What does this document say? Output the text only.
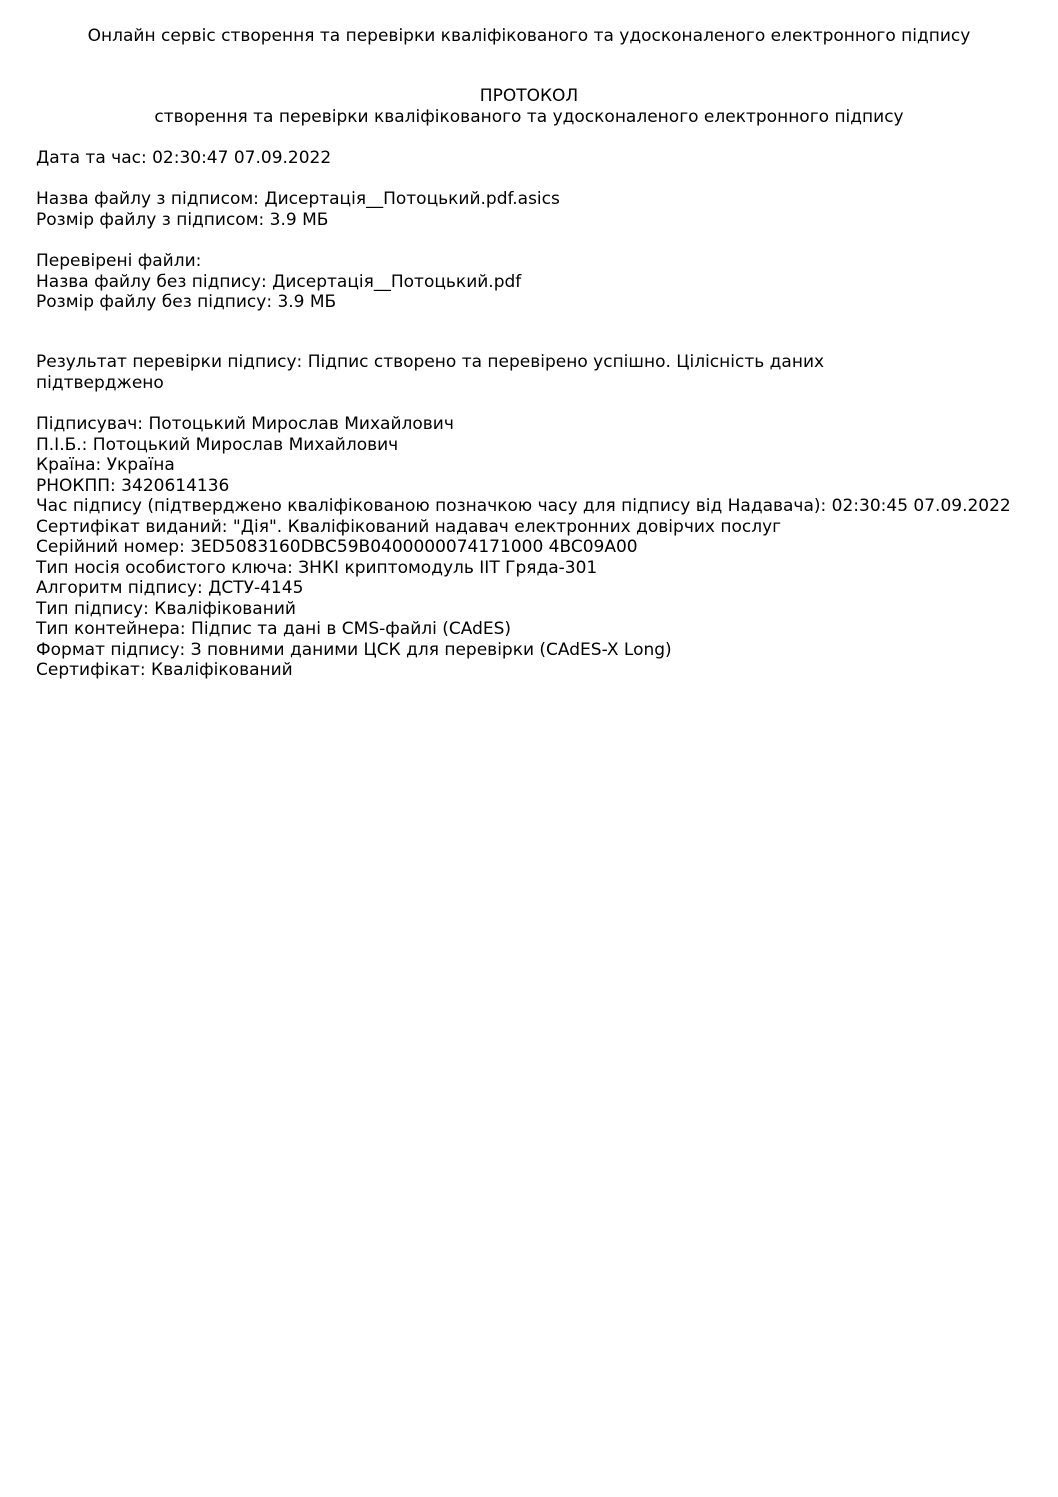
Онлайн сервіс створення та перевірки кваліфікованого та удосконаленого електронного підпису
ПРОТОКОЛ
створення та перевірки кваліфікованого та удосконаленого електронного підпису
Дата та час: 02:30:47 07.09.2022
Назва файлу з підписом: Дисертація__Потоцький.pdf.asics
Розмір файлу з підписом: 3.9 МБ
Перевірені файли:
Назва файлу без підпису: Дисертація__Потоцький.pdf
Розмір файлу без підпису: 3.9 МБ
Результат перевірки підпису: Підпис створено та перевірено успішно. Цілісність даних підтверджено
Підписувач: Потоцький Мирослав Михайлович
П.І.Б.: Потоцький Мирослав Михайлович
Країна: Україна
РНОКПП: 3420614136
Час підпису (підтверджено кваліфікованою позначкою часу для підпису від Надавача): 02:30:45 07.09.2022
Сертифікат виданий: "Дія". Кваліфікований надавач електронних довірчих послуг
Серійний номер: 3ED5083160DBC59B0400000074171000 4BC09A00
Тип носія особистого ключа: ЗНКІ криптомодуль ІІТ Гряда-301
Алгоритм підпису: ДСТУ-4145
Тип підпису: Кваліфікований
Тип контейнера: Підпис та дані в CMS-файлі (CAdES)
Формат підпису: З повними даними ЦСК для перевірки (CAdES-X Long)
Сертифікат: Кваліфікований
